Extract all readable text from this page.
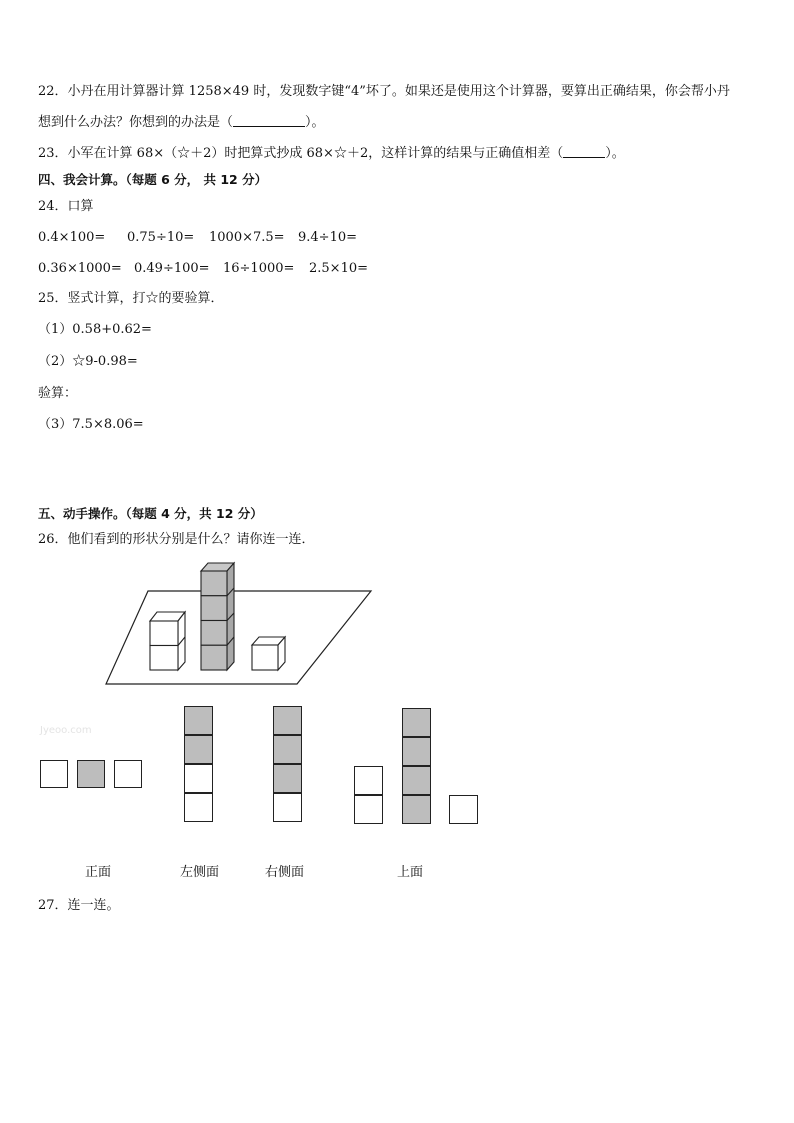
22．小丹在用计算器计算 1258×49 时，发现数字键“4”坏了。如果还是使用这个计算器，要算出正确结果，你会帮小丹
想到什么办法？你想到的办法是（	）。
23．小军在计算 68×（☆＋2）时把算式抄成 68×☆＋2，这样计算的结果与正确值相差（	）。
四、我会计算。（每题 6 分， 共 12 分）
24．口算
0.4×100= 0.75÷10= 1000×7.5= 9.4÷10=
0.36×1000= 0.49÷100= 16÷1000= 2.5×10=
25．竖式计算，打☆的要验算．
（1）0.58+0.62=
（2）☆9-0.98=
验算：
（3）7.5×8.06=
五、动手操作。（每题 4 分，共 12 分）
26．他们看到的形状分别是什么？请你连一连．
Jyeoo.com
正面	左侧面	右侧面	上面
27．连一连。
